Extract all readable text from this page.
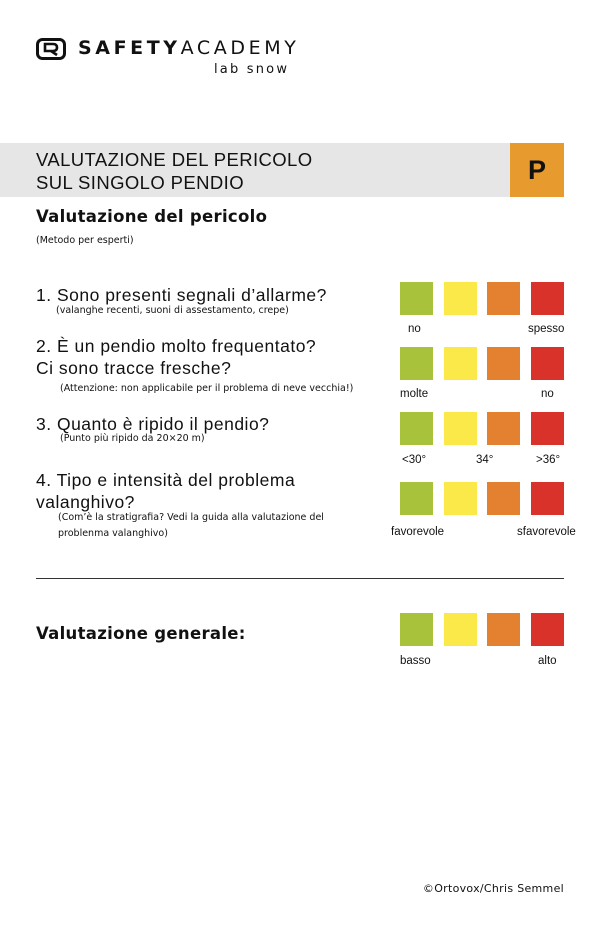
SAFETYACADEMY
lab snow
VALUTAZIONE DEL PERICOLO
SUL SINGOLO PENDIO	P
Valutazione del pericolo
(Metodo per esperti)
1. Sono presenti segnali d’allarme?
(valanghe recenti, suoni di assestamento, crepe)
no	spesso
2. È un pendio molto frequentato?
Ci sono tracce fresche?
(Attenzione: non applicabile per il problema di neve vecchia!)	molte	no
3. Quanto è ripido il pendio?
(Punto più ripido da 20×20 m)
<30°	34°	>36°
4. Tipo e intensità del problema
valanghivo?
(Com’è la stratigrafia? Vedi la guida alla valutazione del
problenma valanghivo)	favorevole	sfavorevole
Valutazione generale:
basso	alto
©Ortovox/Chris Semmel
